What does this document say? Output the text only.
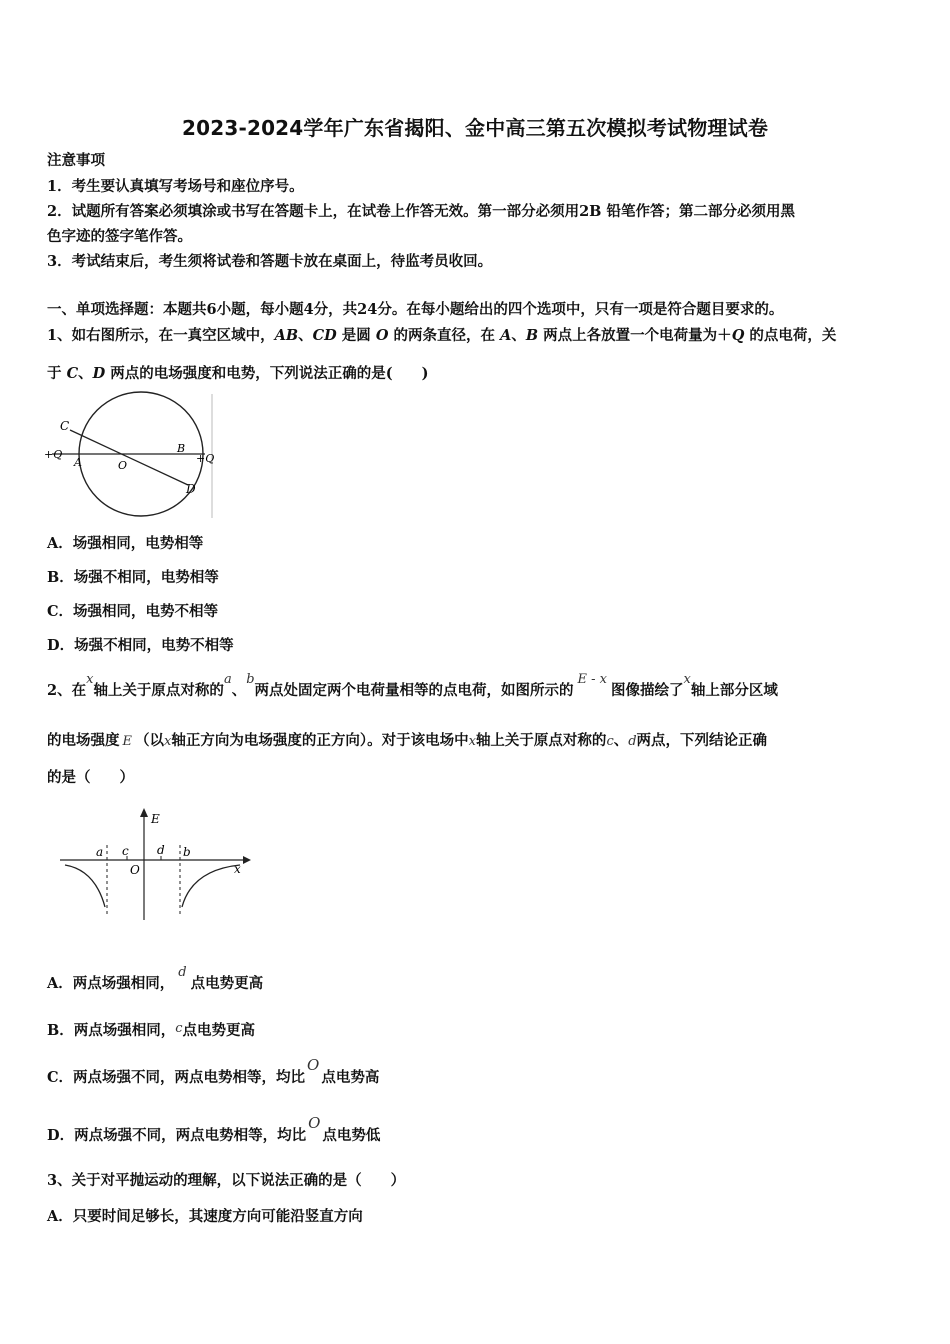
2023-2024学年广东省揭阳、金中高三第五次模拟考试物理试卷
注意事项
1．考生要认真填写考场号和座位序号。
2．试题所有答案必须填涂或书写在答题卡上，在试卷上作答无效。第一部分必须用2B 铅笔作答；第二部分必须用黑
色字迹的签字笔作答。
3．考试结束后，考生须将试卷和答题卡放在桌面上，待监考员收回。
一、单项选择题：本题共6小题，每小题4分，共24分。在每小题给出的四个选项中，只有一项是符合题目要求的。
1、如右图所示，在一真空区域中，AB、CD 是圆 O 的两条直径，在 A、B 两点上各放置一个电荷量为＋Q 的点电荷，关
于 C、D 两点的电场强度和电势，下列说法正确的是(　　)
C
D
A
B
O
+Q	+Q
A．场强相同，电势相等
B．场强不相同，电势相等
C．场强相同，电势不相等
D．场强不相同，电势不相等
2、在x轴上关于原点对称的a、b两点处固定两个电荷量相等的点电荷，如图所示的E - x图像描绘了x轴上部分区域
的电场强度 E （以x轴正方向为电场强度的正方向）。对于该电场中x轴上关于原点对称的c、d两点，下列结论正确
的是（　　）
E
x
a	b
c d
O
A．两点场强相同，d点电势更高
B．两点场强相同，c点电势更高
C．两点场强不同，两点电势相等，均比O点电势高
D．两点场强不同，两点电势相等，均比O点电势低
3、关于对平抛运动的理解，以下说法正确的是（　　）
A．只要时间足够长，其速度方向可能沿竖直方向
